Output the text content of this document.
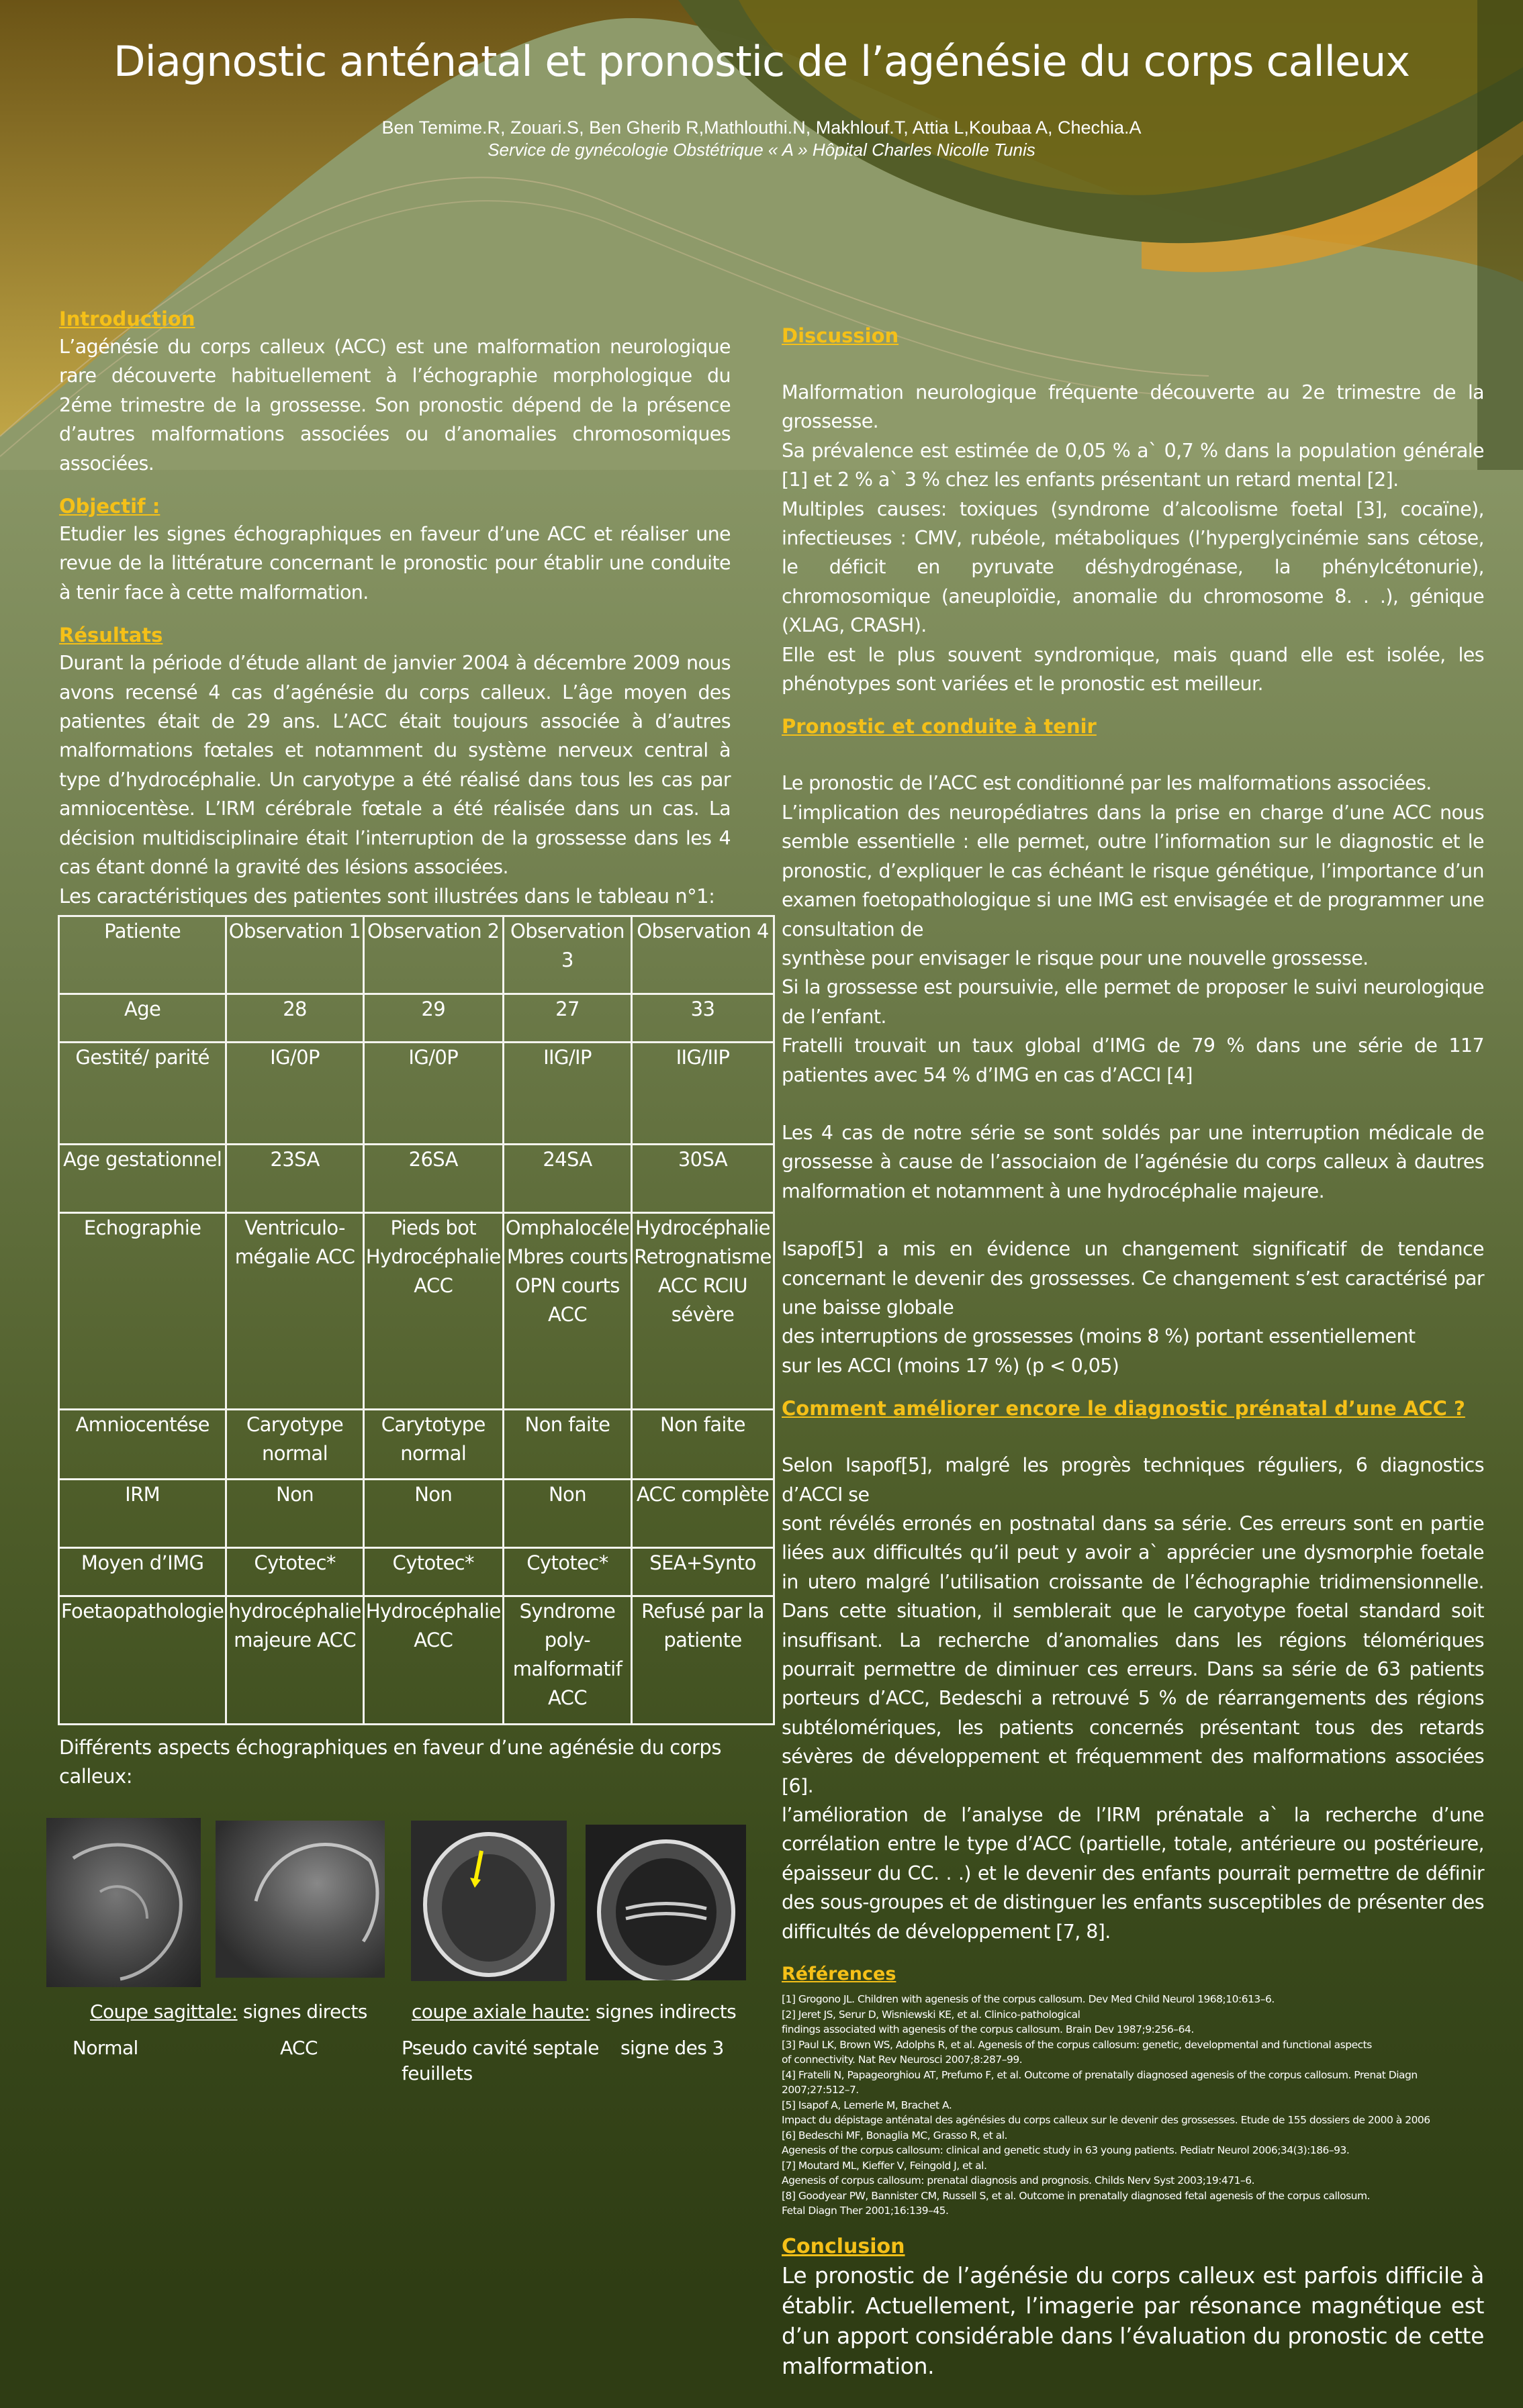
Diagnostic anténatal et pronostic de l’agénésie du corps calleux
Ben Temime.R, Zouari.S, Ben Gherib R,Mathlouthi.N, Makhlouf.T, Attia L,Koubaa A, Chechia.A
Service de gynécologie Obstétrique « A » Hôpital Charles Nicolle Tunis
Introduction
L’agénésie du corps calleux (ACC) est une malformation neurologique rare découverte habituellement à l’échographie morphologique du 2éme trimestre de la grossesse. Son pronostic dépend de la présence d’autres malformations associées ou d’anomalies chromosomiques associées.
Objectif :
Etudier les signes échographiques en faveur d’une ACC et réaliser une revue de la littérature concernant le pronostic pour établir une conduite à tenir face à cette malformation.
Résultats
Durant la période d’étude allant de janvier 2004 à décembre 2009 nous avons recensé 4 cas d’agénésie du corps calleux. L’âge moyen des patientes était de 29 ans. L’ACC était toujours associée à d’autres malformations fœtales et notamment du système nerveux central à type d’hydrocéphalie. Un caryotype a été réalisé dans tous les cas par amniocentèse. L’IRM cérébrale fœtale a été réalisée dans un cas. La décision multidisciplinaire était l’interruption de la grossesse dans les 4 cas étant donné la gravité des lésions associées.
Les caractéristiques des patientes sont illustrées dans le tableau n°1:
Patiente	Observation 1	Observation 2	Observation 3	Observation 4
Age	28	29	27	33
Gestité/ parité	IG/0P	IG/0P	IIG/IP	IIG/IIP
Age gestationnel	23SA	26SA	24SA	30SA
Echographie	Ventriculo-mégalie ACC	Pieds bot Hydrocéphalie ACC	Omphalocéle Mbres courts OPN courts ACC	Hydrocéphalie Retrognatisme ACC RCIU sévère
Amniocentése	Caryotype normal	Carytotype normal	Non faite	Non faite
IRM	Non	Non	Non	ACC complète
Moyen d’IMG	Cytotec*	Cytotec*	Cytotec*	SEA+Synto
Foetaopathologie	hydrocéphalie majeure ACC	Hydrocéphalie ACC	Syndrome poly-malformatif ACC	Refusé par la patiente
Différents aspects échographiques en faveur d’une agénésie du corps calleux:
Coupe sagittale: signes directs	coupe axiale haute: signes indirects
Normal	ACC	Pseudo cavité septale feuillets
signe des 3
Discussion
Malformation neurologique fréquente découverte au 2e trimestre de la grossesse.
Sa prévalence est estimée de 0,05 % a` 0,7 % dans la population générale [1] et 2 % a` 3 % chez les enfants présentant un retard mental [2].
Multiples causes: toxiques (syndrome d’alcoolisme foetal [3], cocaïne), infectieuses : CMV, rubéole, métaboliques (l’hyperglycinémie sans cétose, le déficit en pyruvate déshydrogénase, la phénylcétonurie), chromosomique (aneuploïdie, anomalie du chromosome 8. . .), génique (XLAG, CRASH).
Elle est le plus souvent syndromique, mais quand elle est isolée, les phénotypes sont variées et le pronostic est meilleur.
Pronostic et conduite à tenir
Le pronostic de l’ACC est conditionné par les malformations associées.
L’implication des neuropédiatres dans la prise en charge d’une ACC nous semble essentielle : elle permet, outre l’information sur le diagnostic et le pronostic, d’expliquer le cas échéant le risque génétique, l’importance d’un examen foetopathologique si une IMG est envisagée et de programmer une consultation de
synthèse pour envisager le risque pour une nouvelle grossesse.
Si la grossesse est poursuivie, elle permet de proposer le suivi neurologique de l’enfant.
Fratelli trouvait un taux global d’IMG de 79 % dans une série de 117 patientes avec 54 % d’IMG en cas d’ACCI [4]
Les 4 cas de notre série se sont soldés par une interruption médicale de grossesse à cause de l’associaion de l’agénésie du corps calleux à dautres malformation et notamment à une hydrocéphalie majeure.
Isapof[5] a mis en évidence un changement significatif de tendance concernant le devenir des grossesses. Ce changement s’est caractérisé par une baisse globale
des interruptions de grossesses (moins 8 %) portant essentiellement
sur les ACCI (moins 17 %) (p < 0,05)
Comment améliorer encore le diagnostic prénatal d’une ACC ?
Selon Isapof[5], malgré les progrès techniques réguliers, 6 diagnostics d’ACCI se
sont révélés erronés en postnatal dans sa série. Ces erreurs sont en partie liées aux difficultés qu’il peut y avoir a` apprécier une dysmorphie foetale in utero malgré l’utilisation croissante de l’échographie tridimensionnelle. Dans cette situation, il semblerait que le caryotype foetal standard soit insuffisant. La recherche d’anomalies dans les régions télomériques pourrait permettre de diminuer ces erreurs. Dans sa série de 63 patients porteurs d’ACC, Bedeschi a retrouvé 5 % de réarrangements des régions subtélomériques, les patients concernés présentant tous des retards sévères de développement et fréquemment des malformations associées [6].
l’amélioration de l’analyse de l’IRM prénatale a` la recherche d’une corrélation entre le type d’ACC (partielle, totale, antérieure ou postérieure, épaisseur du CC. . .) et le devenir des enfants pourrait permettre de définir des sous-groupes et de distinguer les enfants susceptibles de présenter des difficultés de développement [7, 8].
Références
[1] Grogono JL. Children with agenesis of the corpus callosum. Dev Med Child Neurol 1968;10:613–6.
[2] Jeret JS, Serur D, Wisniewski KE, et al. Clinico-pathological
findings associated with agenesis of the corpus callosum. Brain Dev 1987;9:256–64.
[3] Paul LK, Brown WS, Adolphs R, et al. Agenesis of the corpus callosum: genetic, developmental and functional aspects
of connectivity. Nat Rev Neurosci 2007;8:287–99.
[4] Fratelli N, Papageorghiou AT, Prefumo F, et al. Outcome of prenatally diagnosed agenesis of the corpus callosum. Prenat Diagn
2007;27:512–7.
[5] Isapof A, Lemerle M, Brachet A.
Impact du dépistage anténatal des agénésies du corps calleux sur le devenir des grossesses. Etude de 155 dossiers de 2000 à 2006
[6] Bedeschi MF, Bonaglia MC, Grasso R, et al.
Agenesis of the corpus callosum: clinical and genetic study in 63 young patients. Pediatr Neurol 2006;34(3):186–93.
[7] Moutard ML, Kieffer V, Feingold J, et al.
Agenesis of corpus callosum: prenatal diagnosis and prognosis. Childs Nerv Syst 2003;19:471–6.
[8] Goodyear PW, Bannister CM, Russell S, et al. Outcome in prenatally diagnosed fetal agenesis of the corpus callosum.
Fetal Diagn Ther 2001;16:139–45.
Conclusion
Le pronostic de l’agénésie du corps calleux est parfois difficile à établir. Actuellement, l’imagerie par résonance magnétique est d’un apport considérable dans l’évaluation du pronostic de cette malformation.
